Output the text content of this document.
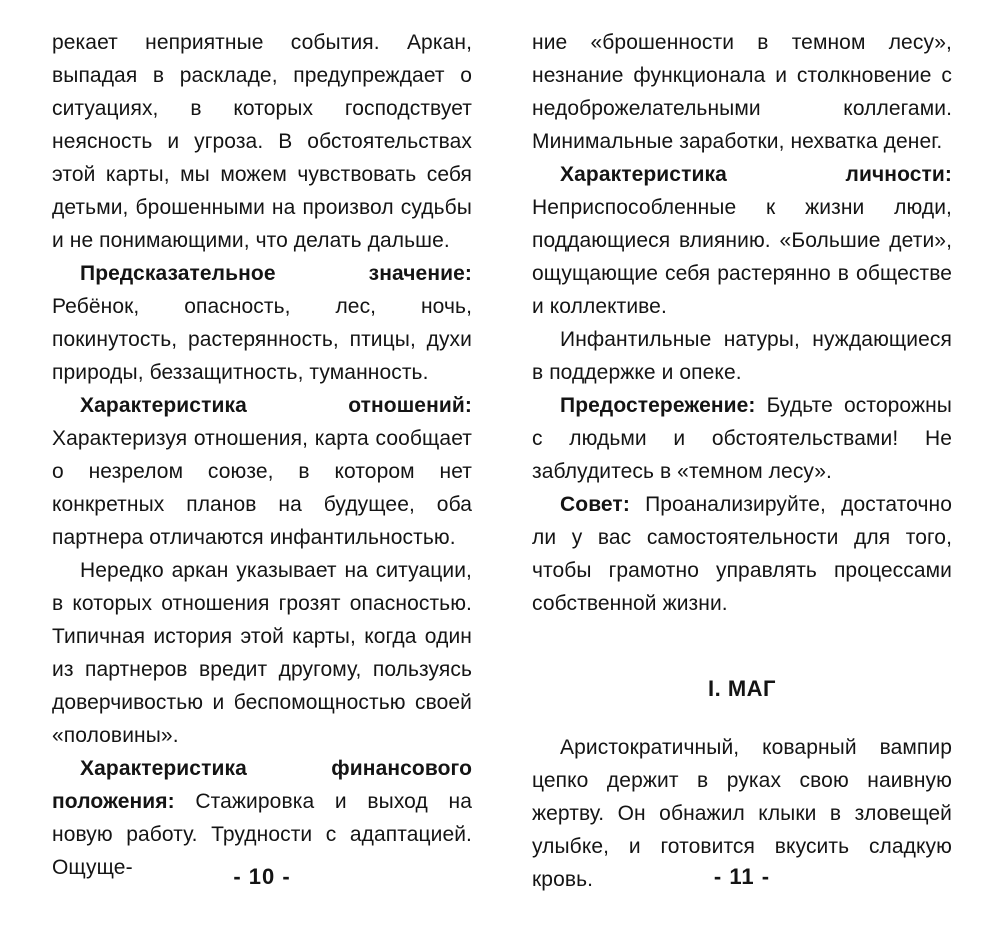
рекает неприятные события. Аркан, выпадая в раскладе, предупреждает о ситуациях, в которых господствует неясность и угроза. В обстоятельствах этой карты, мы можем чувствовать себя детьми, брошенными на произвол судьбы и не понимающими, что делать дальше.

Предсказательное значение: Ребёнок, опасность, лес, ночь, покинутость, растерянность, птицы, духи природы, беззащитность, туманность.

Характеристика отношений: Характеризуя отношения, карта сообщает о незрелом союзе, в котором нет конкретных планов на будущее, оба партнера отличаются инфантильностью.

Нередко аркан указывает на ситуации, в которых отношения грозят опасностью. Типичная история этой карты, когда один из партнеров вредит другому, пользуясь доверчивостью и беспомощностью своей «половины».

Характеристика финансового положения: Стажировка и выход на новую работу. Трудности с адаптацией. Ощуще-	- 10 -

ние «брошенности в темном лесу», незнание функционала и столкновение с недоброжелательными коллегами. Минимальные заработки, нехватка денег.

Характеристика личности: Неприспособленные к жизни люди, поддающиеся влиянию. «Большие дети», ощущающие себя растерянно в обществе и коллективе.

Инфантильные натуры, нуждающиеся в поддержке и опеке.

Предостережение: Будьте осторожны с людьми и обстоятельствами! Не заблудитесь в «темном лесу».

Совет: Проанализируйте, достаточно ли у вас самостоятельности для того, чтобы грамотно управлять процессами собственной жизни.

I. МАГ

Аристократичный, коварный вампир цепко держит в руках свою наивную жертву. Он обнажил клыки в зловещей улыбке, и готовится вкусить сладкую кровь.	- 11 -
